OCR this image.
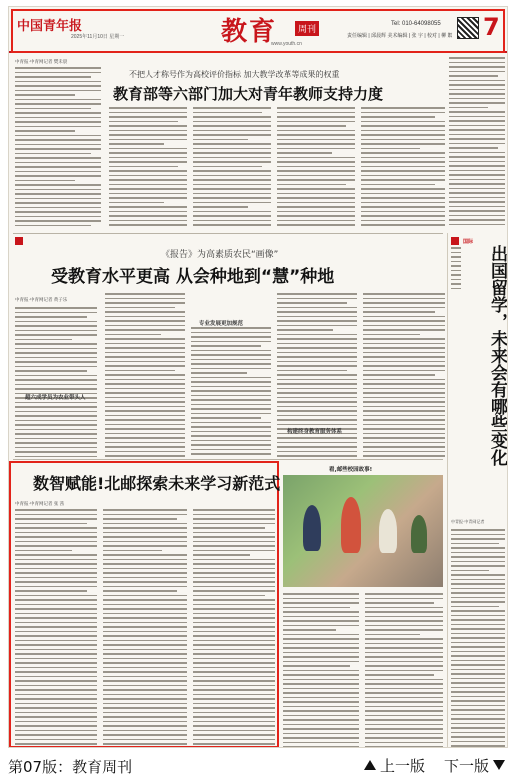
中国青年报
2025年11月10日 星期一	教育	周刊
www.youth.cn
Tel: 010-64098055
责任编辑 | 邱晨辉 美术编辑 | 张 宇 | 校对 | 柳 絮 7
不把人才称号作为高校评价指标 加大教学改革等成果的权重
教育部等六部门加大对青年教师支持力度
中青报·中青网记者 樊未晨
《报告》为高素质农民“画像”
受教育水平更高 从会种地到“慧”种地
中青报·中青网记者 黄子乐
超六成学员为农业带头人
专业发展更加规范
构建终身教育服务体系
国际
出国留学，未来会有哪些变化
中青报·中青网记者
数智赋能!北邮探索未来学习新范式
中青报·中青网记者 张 茜
看,邮些校园故事!
第07版：教育周刊	上一版 下一版
